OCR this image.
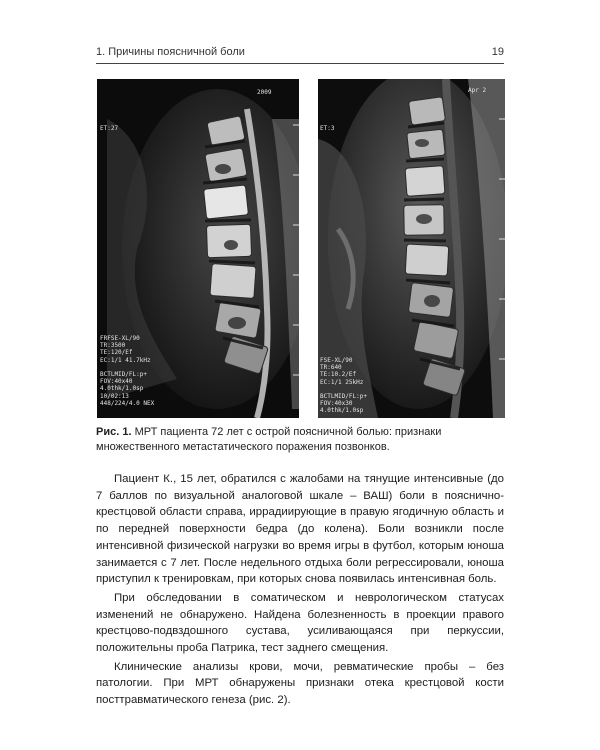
1. Причины поясничной боли	19
2009
ET:27
FRFSE-XL/90
TR:3500
TE:120/Ef
EC:1/1 41.7kHz

BCTLMID/FL:p+
FOV:40x40
4.0thk/1.0sp
10/02:13
448/224/4.0 NEX
Apr 2
ET:3
FSE-XL/90
TR:640
TE:10.2/Ef
EC:1/1 25kHz

BCTLMID/FL:p+
FOV:40x30
4.0thk/1.0sp
Рис. 1. МРТ пациента 72 лет с острой поясничной болью: признаки множественного метастатического поражения позвонков.

Пациент К., 15 лет, обратился с жалобами на тянущие интенсивные (до 7 баллов по визуальной аналоговой шкале – ВАШ) боли в пояснично-крестцовой области справа, иррадиирующие в правую ягодичную область и по передней поверхности бедра (до колена). Боли возникли после интенсивной физической нагрузки во время игры в футбол, которым юноша занимается с 7 лет. После недельного отдыха боли регрессировали, юноша приступил к тренировкам, при которых снова появилась интенсивная боль.

При обследовании в соматическом и неврологическом статусах изменений не обнаружено. Найдена болезненность в проекции правого крестцово-подвздошного сустава, усиливающаяся при перкуссии, положительны проба Патрика, тест заднего смещения.

Клинические анализы крови, мочи, ревматические пробы – без патологии. При МРТ обнаружены признаки отека крестцовой кости посттравматического генеза (рис. 2).
